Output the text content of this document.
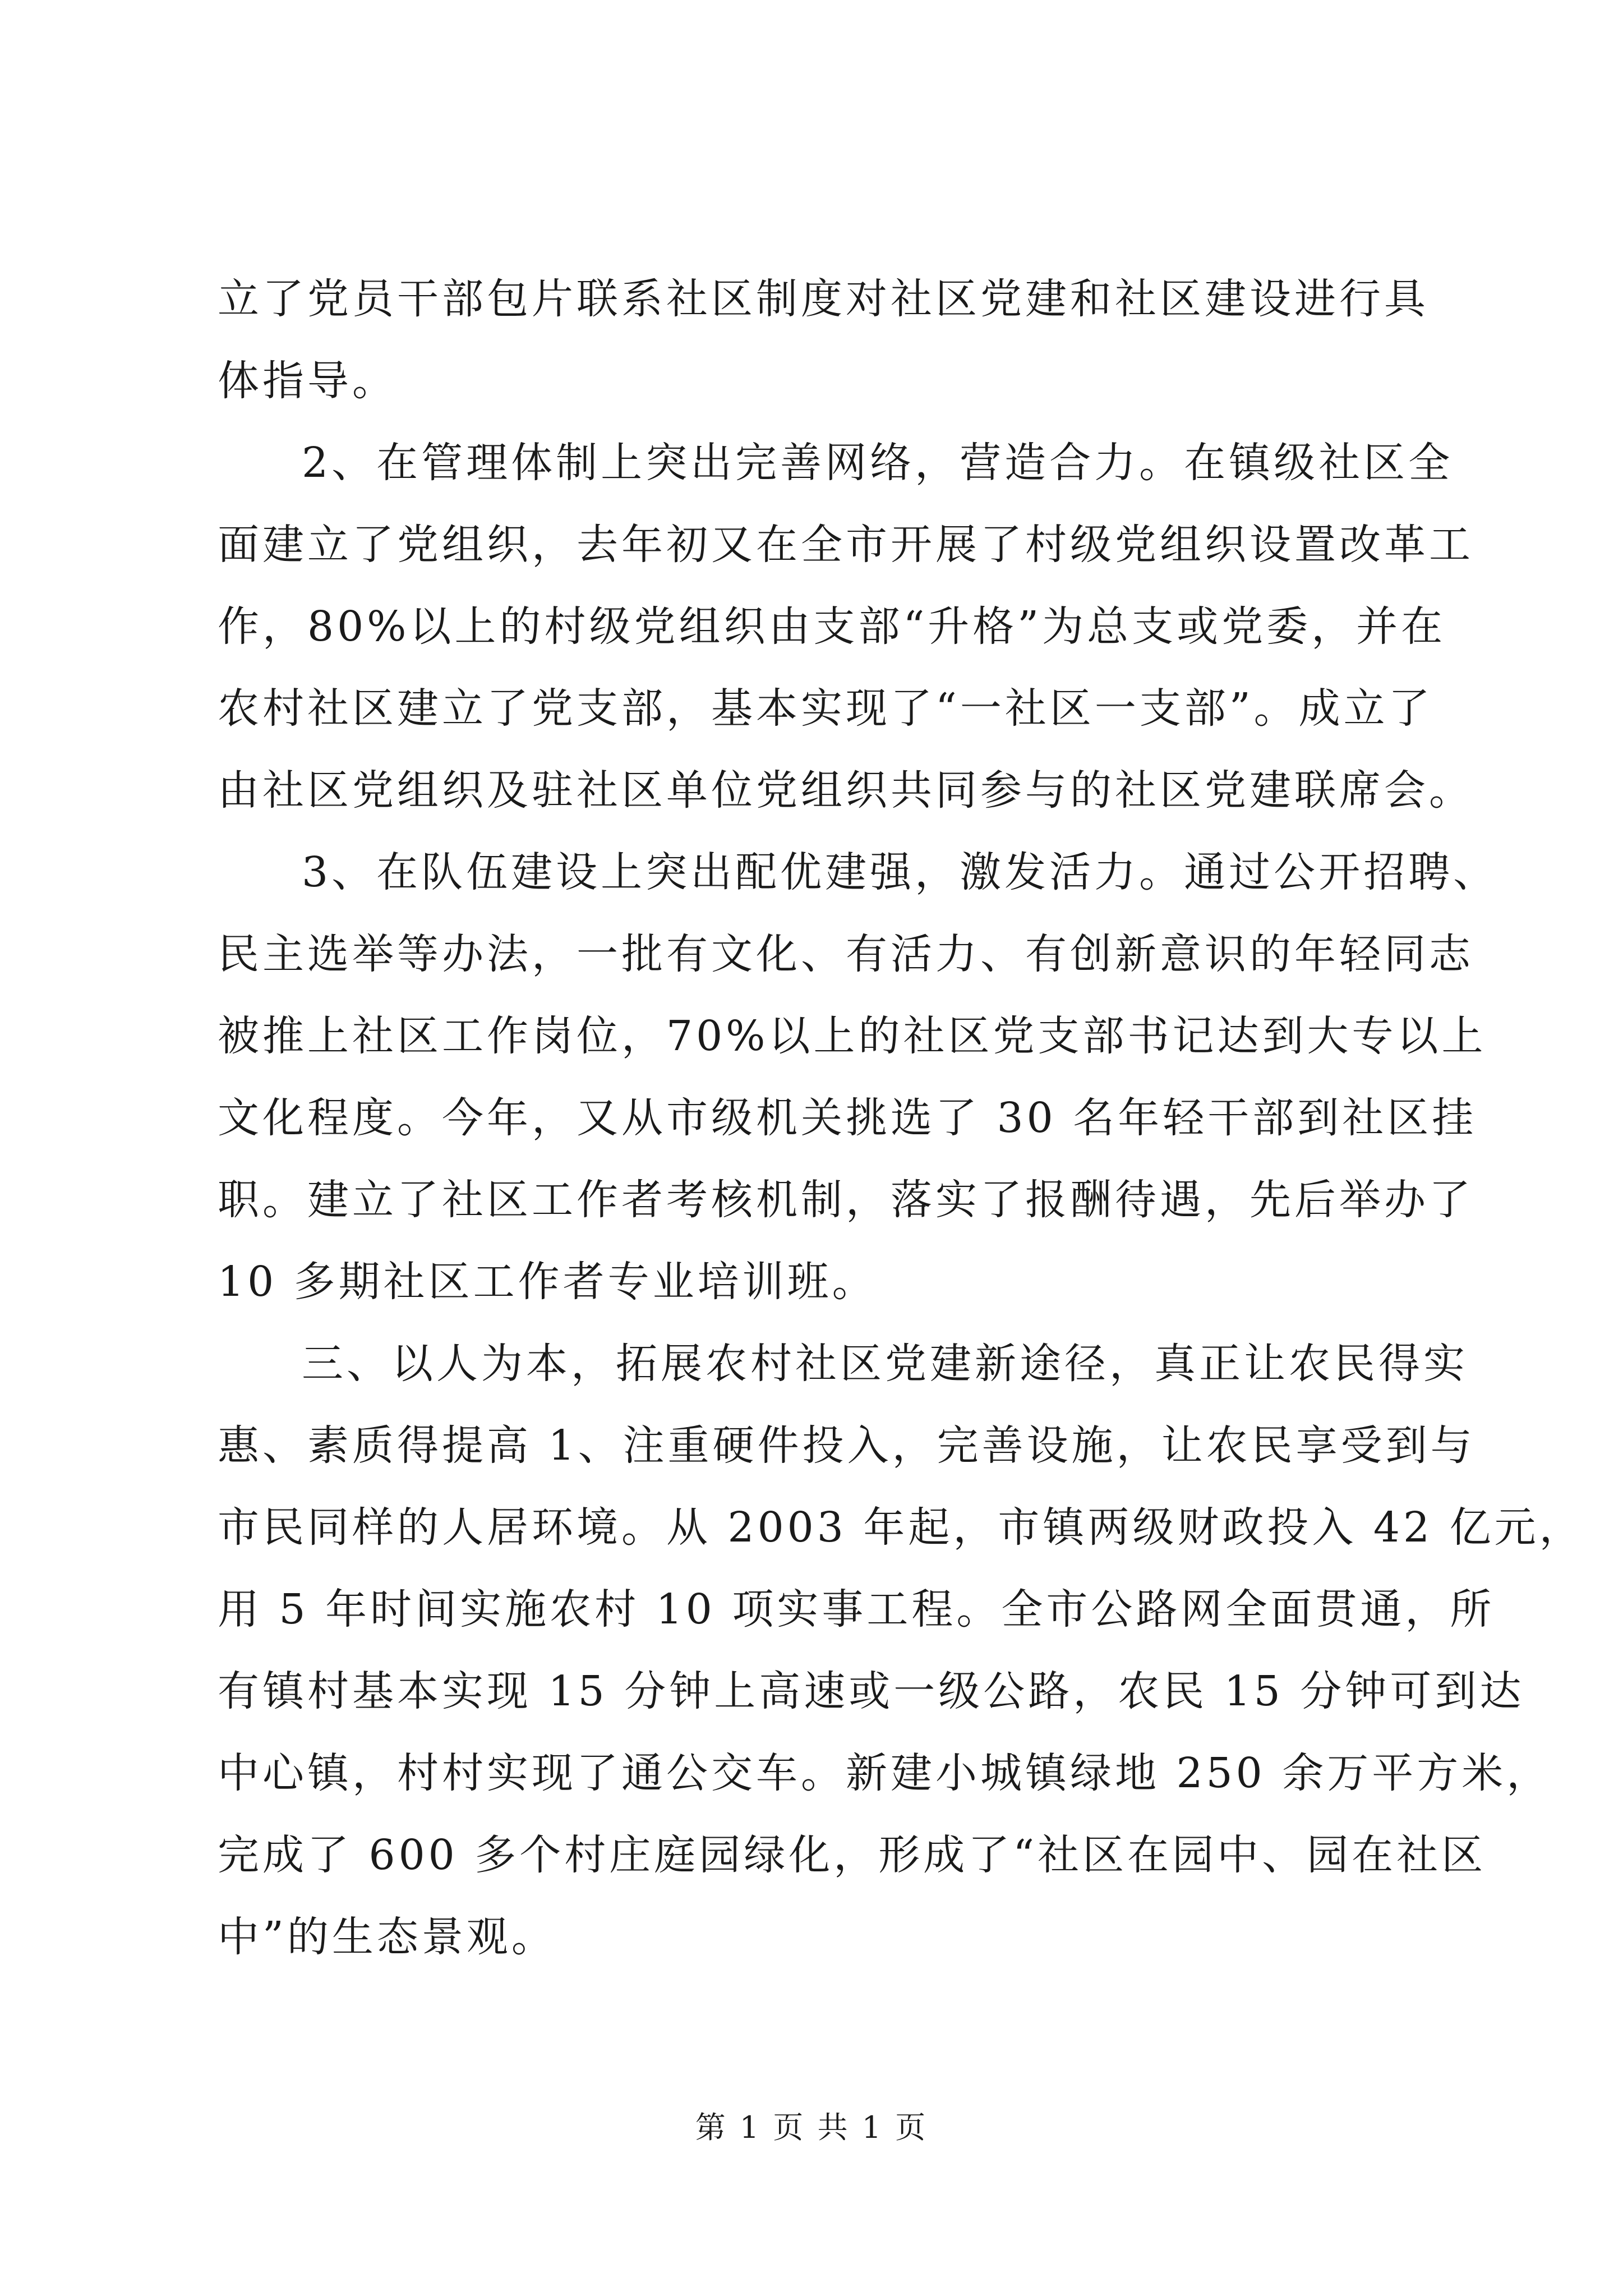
立了党员干部包片联系社区制度对社区党建和社区建设进行具
体指导。
2、在管理体制上突出完善网络，营造合力。在镇级社区全
面建立了党组织，去年初又在全市开展了村级党组织设置改革工
作，80%以上的村级党组织由支部“升格”为总支或党委，并在
农村社区建立了党支部，基本实现了“一社区一支部”。成立了
由社区党组织及驻社区单位党组织共同参与的社区党建联席会。
3、在队伍建设上突出配优建强，激发活力。通过公开招聘、
民主选举等办法，一批有文化、有活力、有创新意识的年轻同志
被推上社区工作岗位，70%以上的社区党支部书记达到大专以上
文化程度。今年，又从市级机关挑选了 30 名年轻干部到社区挂
职。建立了社区工作者考核机制，落实了报酬待遇，先后举办了
10 多期社区工作者专业培训班。
三、以人为本，拓展农村社区党建新途径，真正让农民得实
惠、素质得提高 1、注重硬件投入，完善设施，让农民享受到与
市民同样的人居环境。从 2003 年起，市镇两级财政投入 42 亿元，
用 5 年时间实施农村 10 项实事工程。全市公路网全面贯通，所
有镇村基本实现 15 分钟上高速或一级公路，农民 15 分钟可到达
中心镇，村村实现了通公交车。新建小城镇绿地 250 余万平方米，
完成了 600 多个村庄庭园绿化，形成了“社区在园中、园在社区
中”的生态景观。
第 1 页 共 1 页
